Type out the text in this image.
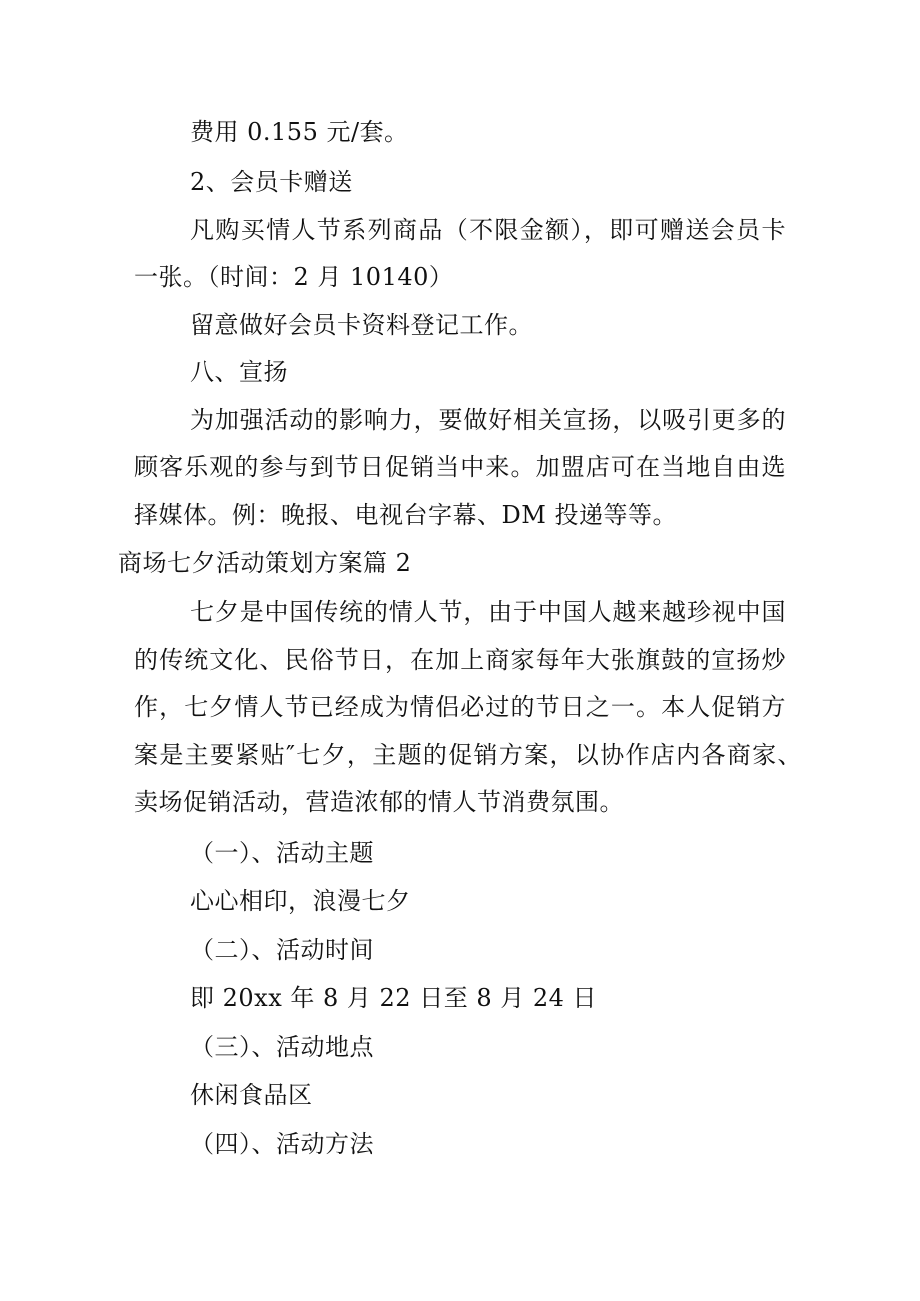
费用 0.155 元/套。
2、会员卡赠送
凡购买情人节系列商品（不限金额），即可赠送会员卡
一张。（时间：2 月 10140）
留意做好会员卡资料登记工作。
八、宣扬
为加强活动的影响力，要做好相关宣扬，以吸引更多的
顾客乐观的参与到节日促销当中来。加盟店可在当地自由选
择媒体。例：晚报、电视台字幕、DM 投递等等。
商场七夕活动策划方案篇 2
七夕是中国传统的情人节，由于中国人越来越珍视中国
的传统文化、民俗节日，在加上商家每年大张旗鼓的宣扬炒
作，七夕情人节已经成为情侣必过的节日之一。本人促销方
案是主要紧贴″七夕，主题的促销方案，以协作店内各商家、
卖场促销活动，营造浓郁的情人节消费氛围。
（一）、活动主题
心心相印，浪漫七夕
（二）、活动时间
即 20xx 年 8 月 22 日至 8 月 24 日
（三）、活动地点
休闲食品区
（四）、活动方法
